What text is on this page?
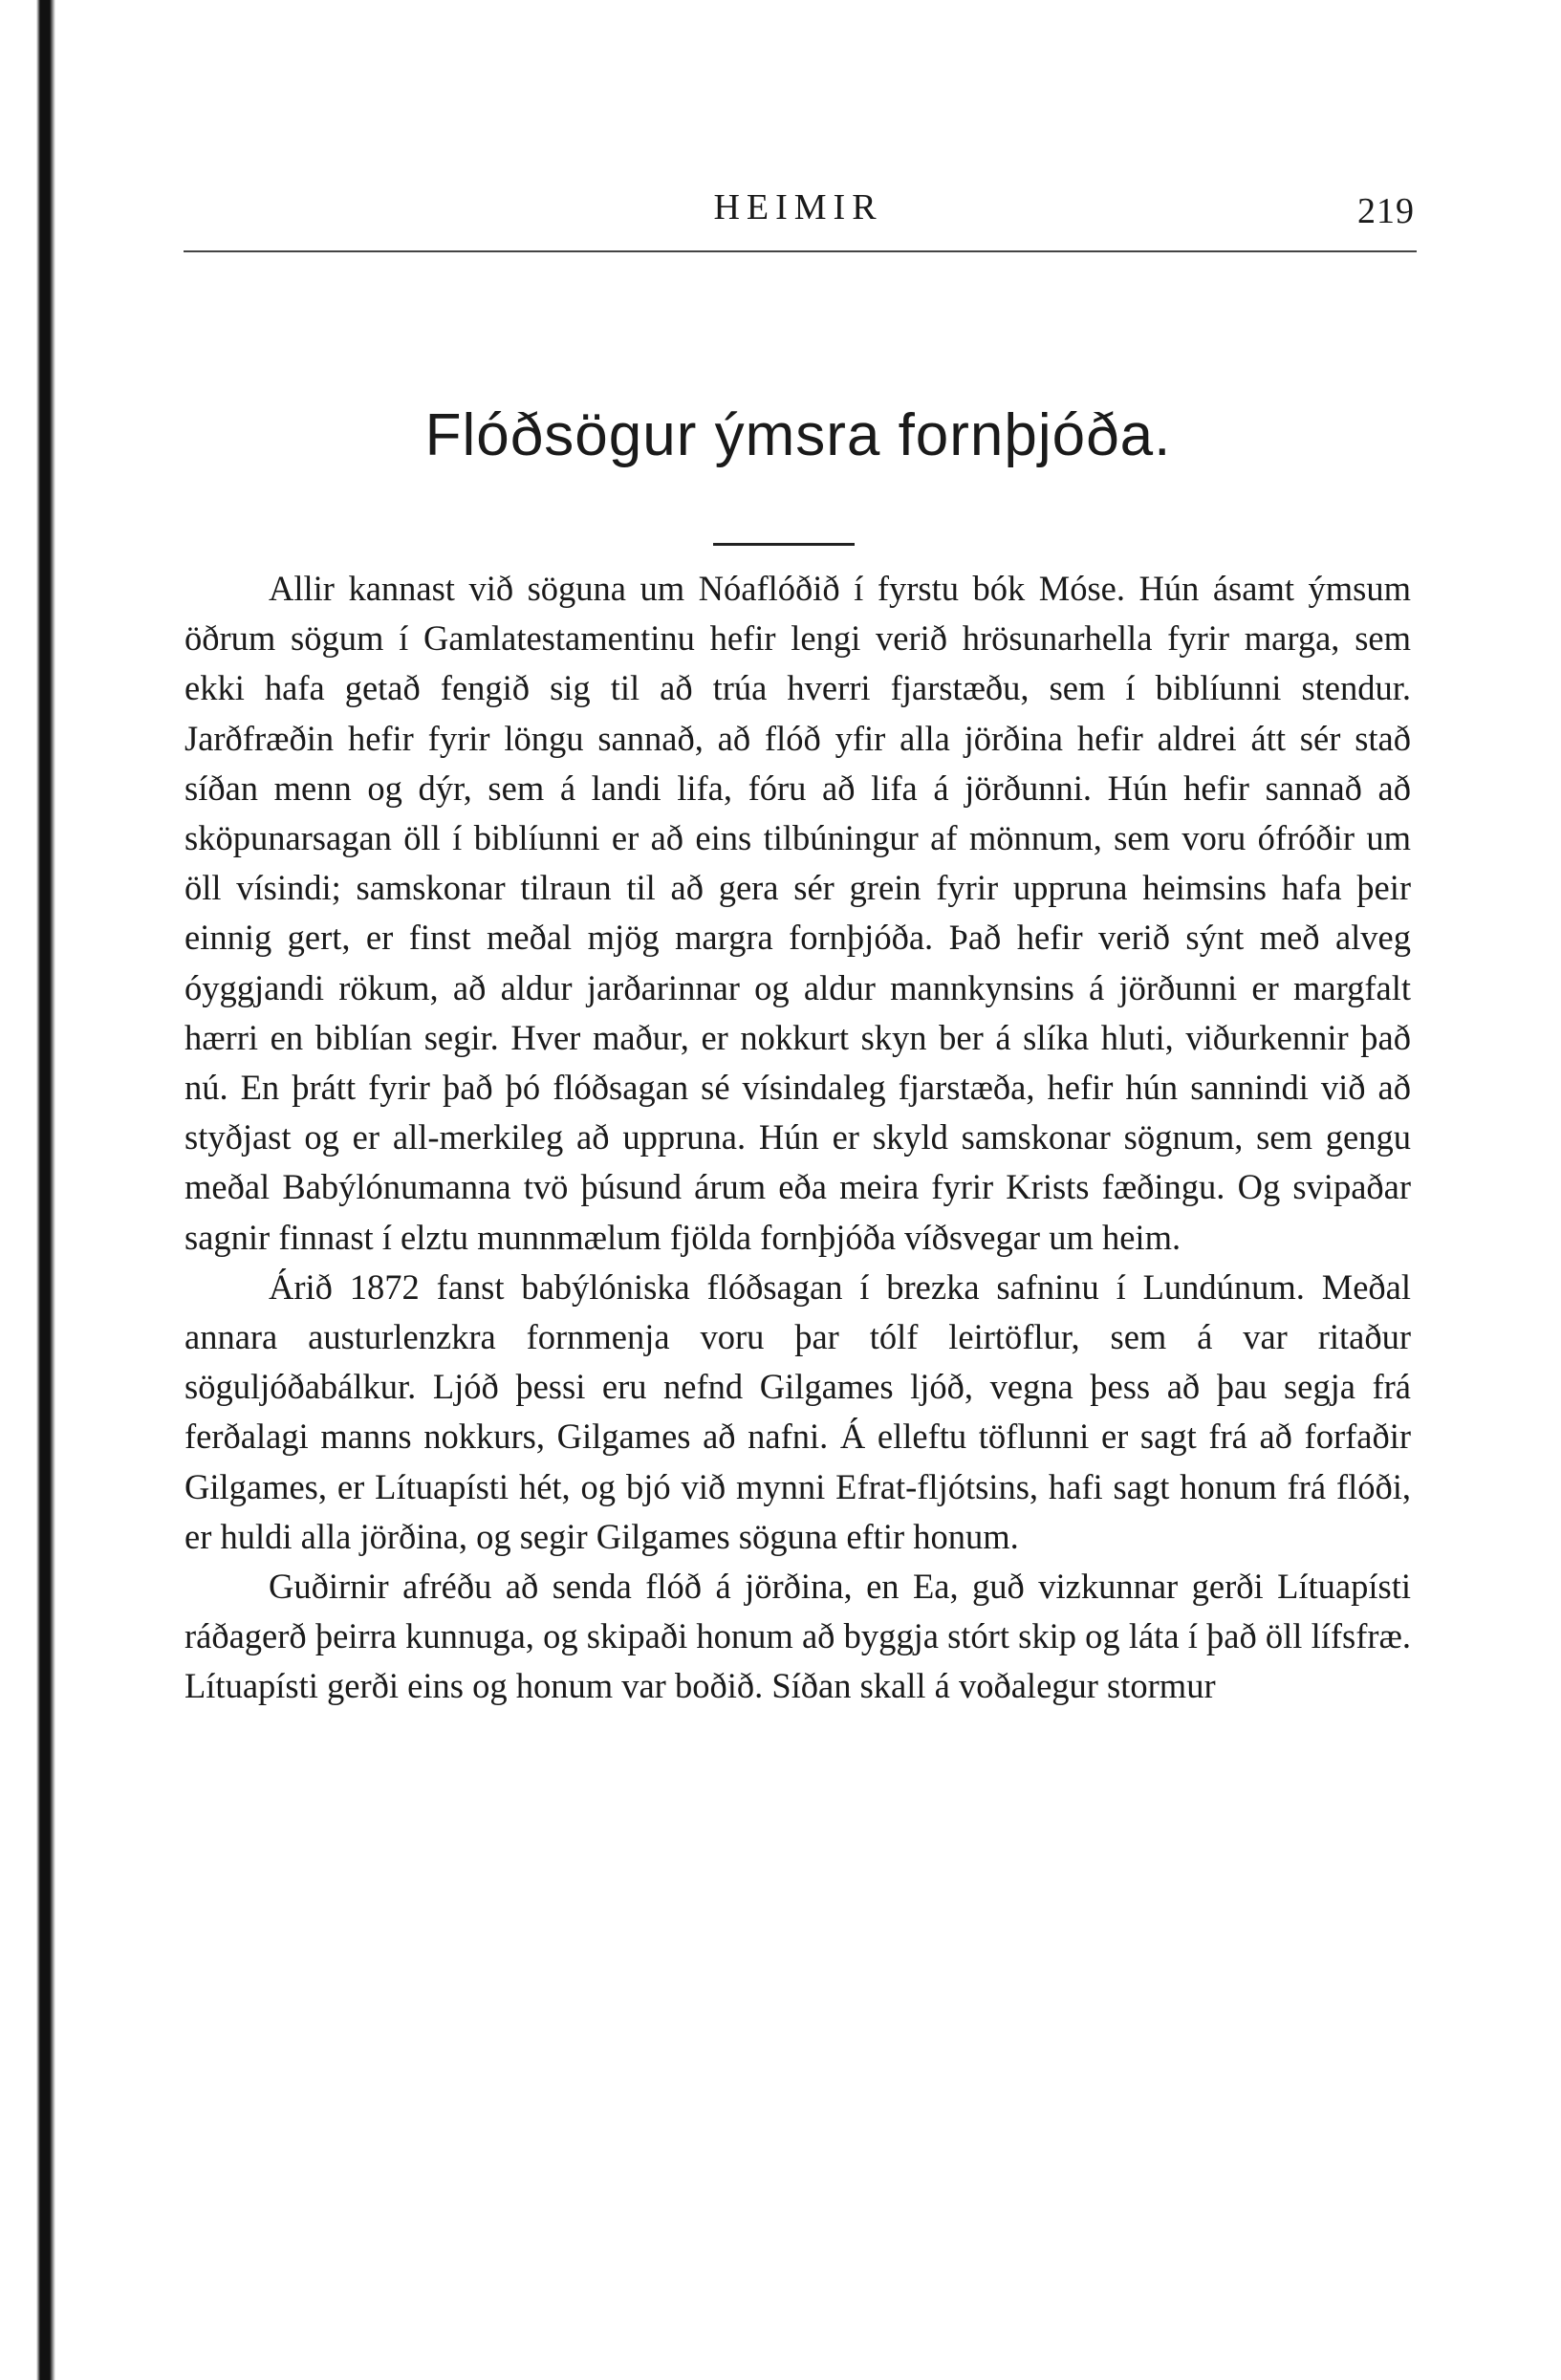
HEIMIR	219
Flóðsögur ýmsra fornþjóða.

Allir kannast við söguna um Nóaflóðið í fyrstu bók Móse. Hún ásamt ýmsum öðrum sögum í Gamlatestamentinu hefir lengi verið hrösunarhella fyrir marga, sem ekki hafa getað fengið sig til að trúa hverri fjarstæðu, sem í biblíunni stendur. Jarðfræðin hefir fyrir löngu sannað, að flóð yfir alla jörðina hefir aldrei átt sér stað síðan menn og dýr, sem á landi lifa, fóru að lifa á jörðunni. Hún hefir sannað að sköpunarsagan öll í biblíunni er að eins tilbúningur af mönnum, sem voru ófróðir um öll vísindi; samskonar tilraun til að gera sér grein fyrir uppruna heimsins hafa þeir einnig gert, er finst meðal mjög margra fornþjóða. Það hefir verið sýnt með alveg óyggjandi rökum, að aldur jarðarinnar og aldur mannkynsins á jörðunni er margfalt hærri en biblían segir. Hver maður, er nokkurt skyn ber á slíka hluti, viðurkennir það nú. En þrátt fyrir það þó flóðsagan sé vísindaleg fjarstæða, hefir hún sannindi við að styðjast og er all-merkileg að uppruna. Hún er skyld samskonar sögnum, sem gengu meðal Babýlónumanna tvö þúsund árum eða meira fyrir Krists fæðingu. Og svipaðar sagnir finnast í elztu munnmælum fjölda fornþjóða víðsvegar um heim.

Árið 1872 fanst babýlóniska flóðsagan í brezka safninu í Lundúnum. Meðal annara austurlenzkra fornmenja voru þar tólf leirtöflur, sem á var ritaður söguljóðabálkur. Ljóð þessi eru nefnd Gilgames ljóð, vegna þess að þau segja frá ferðalagi manns nokkurs, Gilgames að nafni. Á elleftu töflunni er sagt frá að forfaðir Gilgames, er Lítuapísti hét, og bjó við mynni Efrat-fljótsins, hafi sagt honum frá flóði, er huldi alla jörðina, og segir Gilgames söguna eftir honum.

Guðirnir afréðu að senda flóð á jörðina, en Ea, guð vizkunnar gerði Lítuapísti ráðagerð þeirra kunnuga, og skipaði honum að byggja stórt skip og láta í það öll lífsfræ. Lítuapísti gerði eins og honum var boðið. Síðan skall á voðalegur stormur
